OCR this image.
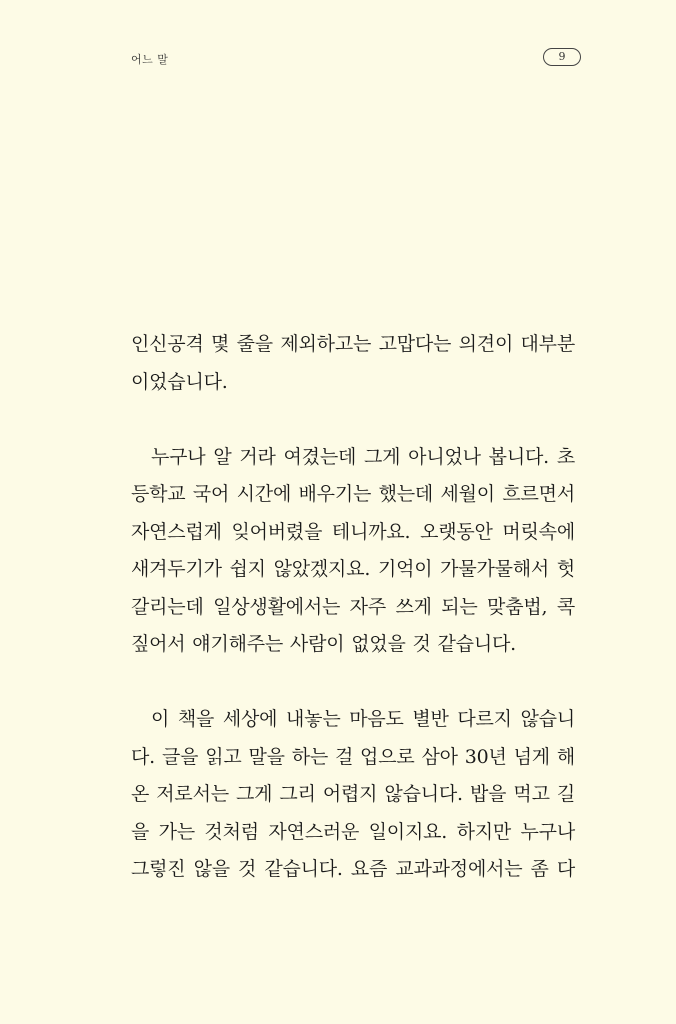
어느 말	9

인신공격 몇 줄을 제외하고는 고맙다는 의견이 대부분
이었습니다.

누구나 알 거라 여겼는데 그게 아니었나 봅니다. 초
등학교 국어 시간에 배우기는 했는데 세월이 흐르면서
자연스럽게 잊어버렸을 테니까요. 오랫동안 머릿속에
새겨두기가 쉽지 않았겠지요. 기억이 가물가물해서 헛
갈리는데 일상생활에서는 자주 쓰게 되는 맞춤법, 콕
짚어서 얘기해주는 사람이 없었을 것 같습니다.

이 책을 세상에 내놓는 마음도 별반 다르지 않습니
다. 글을 읽고 말을 하는 걸 업으로 삼아 30년 넘게 해
온 저로서는 그게 그리 어렵지 않습니다. 밥을 먹고 길
을 가는 것처럼 자연스러운 일이지요. 하지만 누구나
그렇진 않을 것 같습니다. 요즘 교과과정에서는 좀 다
